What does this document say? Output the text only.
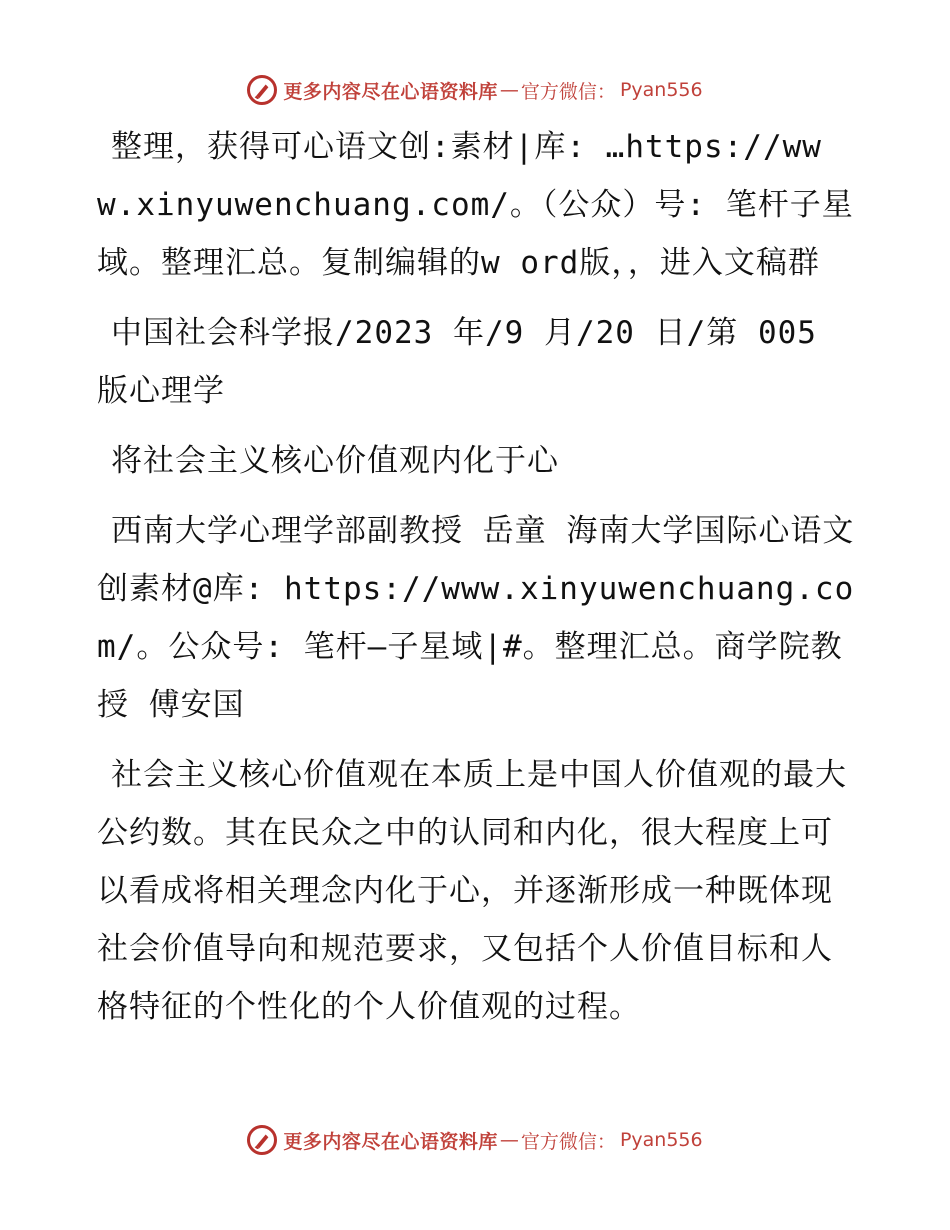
更多内容尽在心语资料库 — 官方微信： Pyan556

整理，获得可心语文创:素材|库: …https://www.xinyuwenchuang.com/。（公众）号: 笔杆子星域。整理汇总。复制编辑的w ord版，，进入文稿群

中国社会科学报/2023 年/9 月/20 日/第 005 版心理学

将社会主义核心价值观内化于心

西南大学心理学部副教授 岳童 海南大学国际心语文创素材@库: https://www.xinyuwenchuang.com/。公众号: 笔杆—子星域|#。整理汇总。商学院教授 傅安国

社会主义核心价值观在本质上是中国人价值观的最大公约数。其在民众之中的认同和内化，很大程度上可以看成将相关理念内化于心，并逐渐形成一种既体现社会价值导向和规范要求，又包括个人价值目标和人格特征的个性化的个人价值观的过程。

更多内容尽在心语资料库 — 官方微信： Pyan556
